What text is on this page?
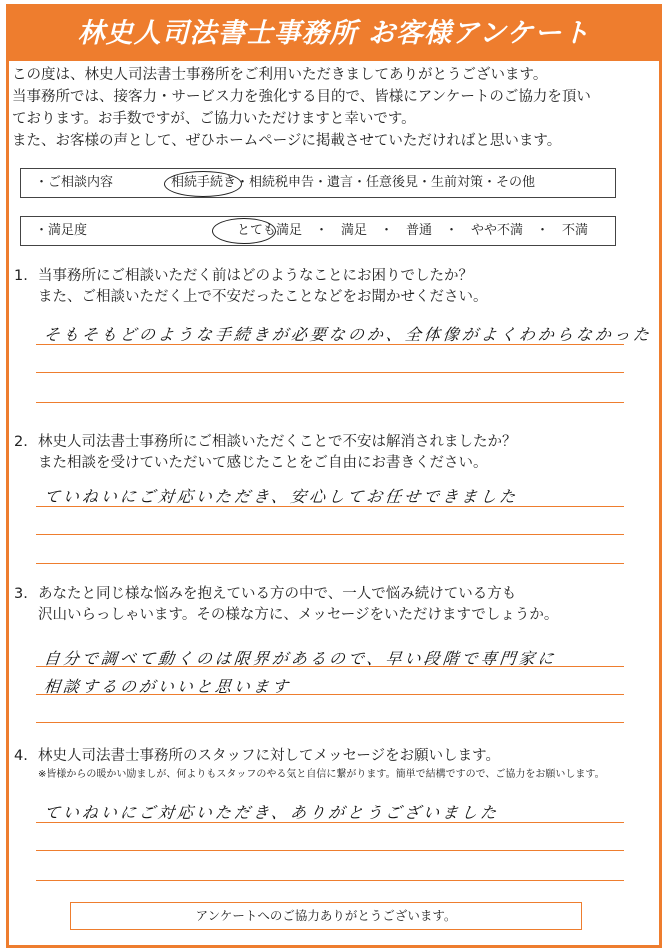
林史人司法書士事務所 お客様アンケート

この度は、林史人司法書士事務所をご利用いただきましてありがとうございます。

当事務所では、接客力・サービス力を強化する目的で、皆様にアンケートのご協力を頂い

ております。お手数ですが、ご協力いただけますと幸いです。

また、お客様の声として、ぜひホームページに掲載させていただければと思います。

・ご相談内容	相続手続き・相続税申告・遺言・任意後見・生前対策・その他
・満足度	とても満足　・　満足　・　普通　・　やや不満　・　不満
1. 当事務所にご相談いただく前はどのようなことにお困りでしたか？

また、ご相談いただく上で不安だったことなどをお聞かせください。

そもそもどのような手続きが必要なのか、全体像がよくわからなかった
2. 林史人司法書士事務所にご相談いただくことで不安は解消されましたか？

また相談を受けていただいて感じたことをご自由にお書きください。

ていねいにご対応いただき、安心してお任せできました
3. あなたと同じ様な悩みを抱えている方の中で、一人で悩み続けている方も

沢山いらっしゃいます。その様な方に、メッセージをいただけますでしょうか。

自分で調べて動くのは限界があるので、早い段階で専門家に
相談するのがいいと思います
4. 林史人司法書士事務所のスタッフに対してメッセージをお願いします。

※皆様からの暖かい励ましが、何よりもスタッフのやる気と自信に繋がります。簡単で結構ですので、ご協力をお願いします。

ていねいにご対応いただき、ありがとうございました
アンケートへのご協力ありがとうございます。
